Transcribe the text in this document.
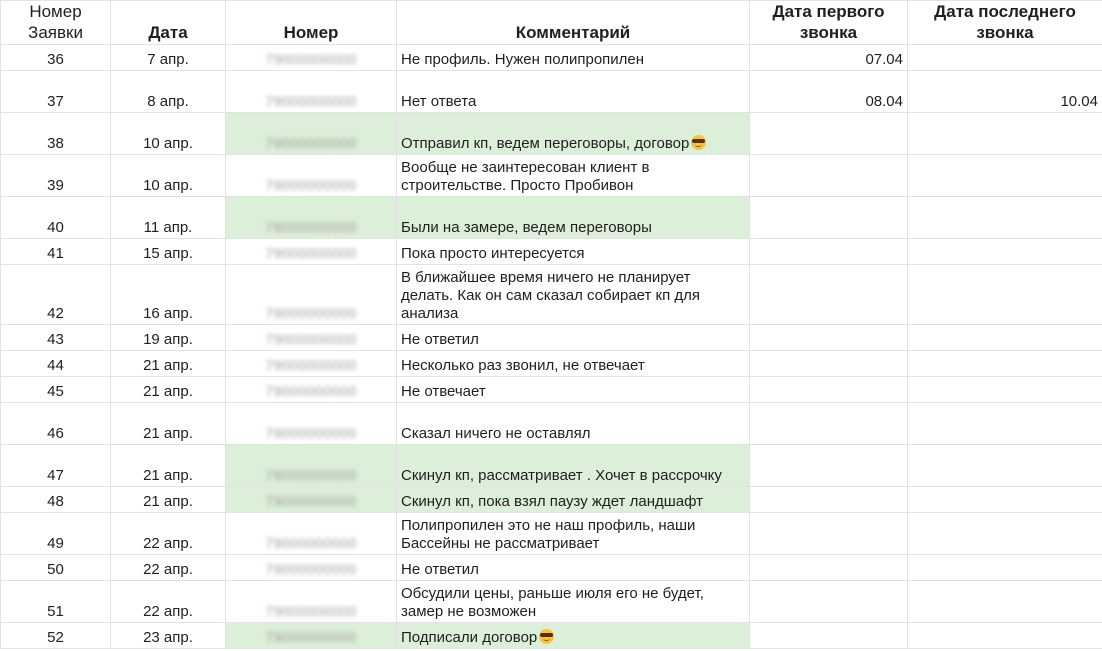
Номер Заявки	Дата	Номер	Комментарий	Дата первого звонка	Дата последнего звонка
36	7 апр.	79000000000	Не профиль. Нужен полипропилен	07.04	
37	8 апр.	79000000000	Нет ответа	08.04	10.04
38	10 апр.	79000000000	Отправил кп, ведем переговоры, договор		
39	10 апр.	79000000000	Вообще не заинтересован клиент в строительстве. Просто Пробивон		
40	11 апр.	79000000000	Были на замере, ведем переговоры		
41	15 апр.	79000000000	Пока просто интересуется		
42	16 апр.	79000000000	В ближайшее время ничего не планирует делать. Как он сам сказал собирает кп для анализа		
43	19 апр.	79000000000	Не ответил		
44	21 апр.	79000000000	Несколько раз звонил, не отвечает		
45	21 апр.	79000000000	Не отвечает		
46	21 апр.	79000000000	Сказал ничего не оставлял		
47	21 апр.	79000000000	Скинул кп, рассматривает . Хочет в рассрочку		
48	21 апр.	79000000000	Скинул кп, пока взял паузу ждет ландшафт		
49	22 апр.	79000000000	Полипропилен это не наш профиль, наши Бассейны не рассматривает		
50	22 апр.	79000000000	Не ответил		
51	22 апр.	79000000000	Обсудили цены, раньше июля его не будет, замер не возможен		
52	23 апр.	79000000000	Подписали договор		
